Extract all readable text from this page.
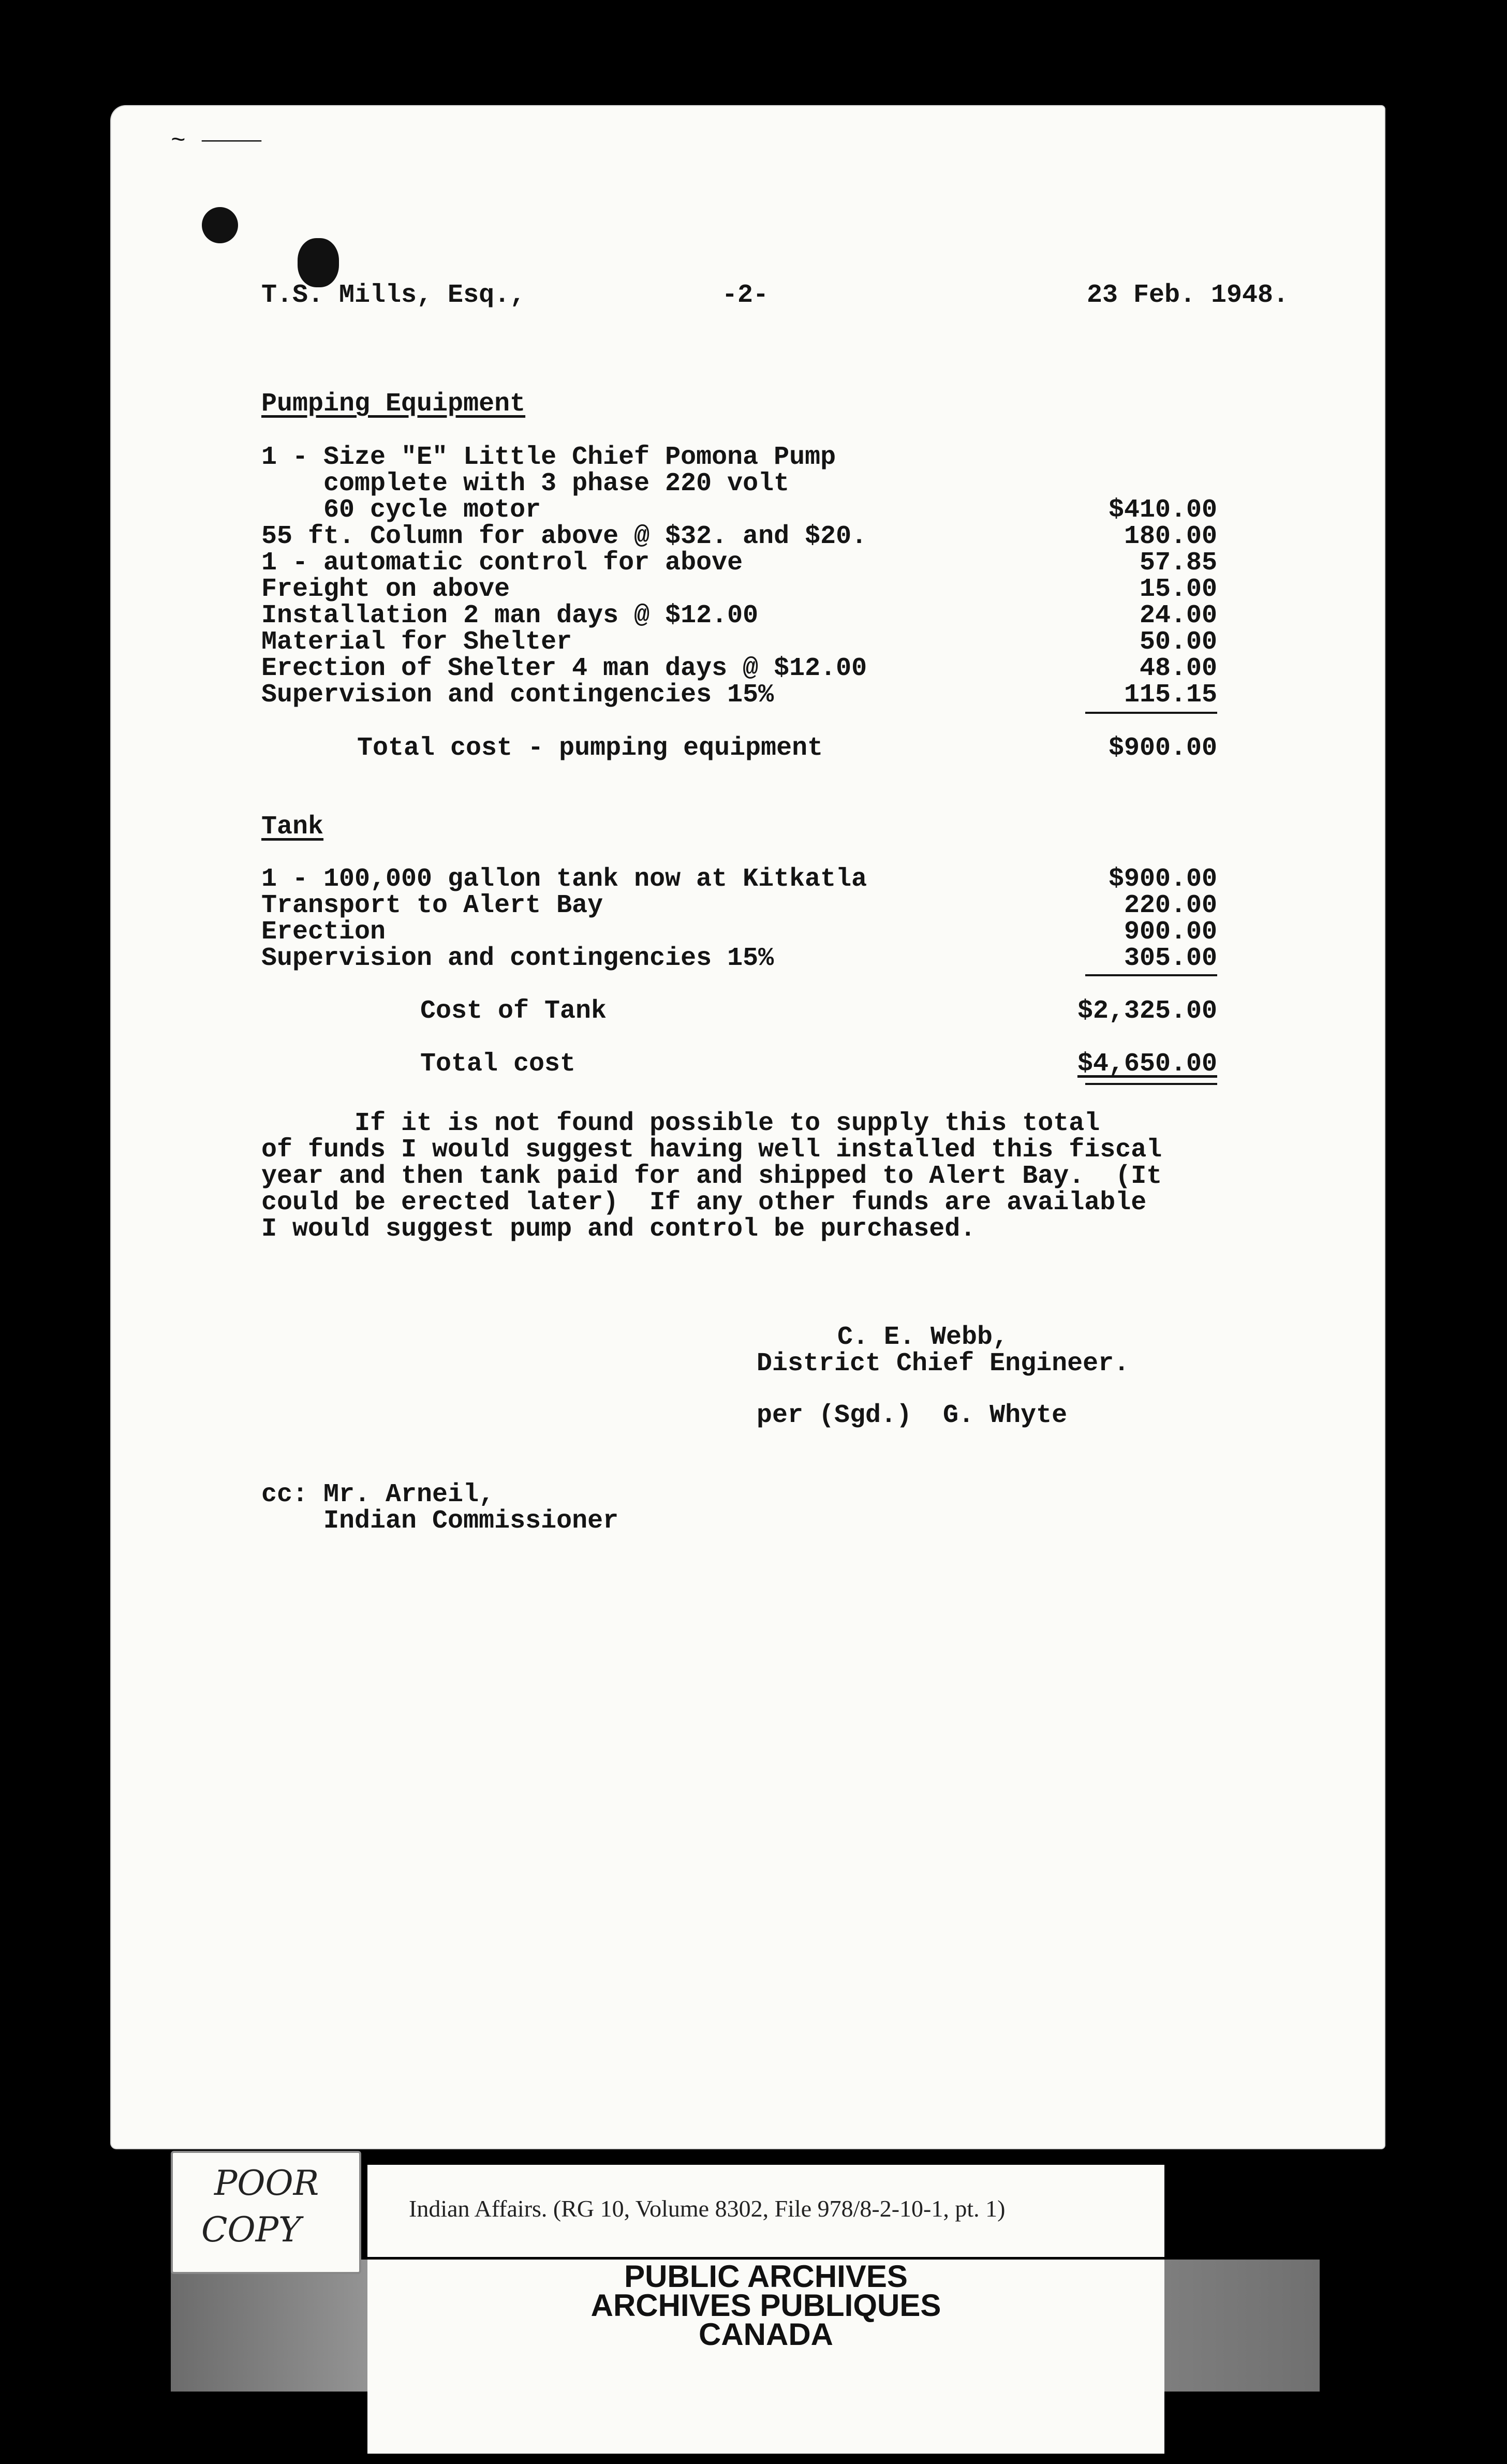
~ ⸻
T.S. Mills, Esq.,	-2-	23 Feb. 1948.
Pumping Equipment
1 - Size "E" Little Chief Pomona Pump
complete with 3 phase 220 volt
60 cycle motor	$410.00
55 ft. Column for above @ $32. and $20.	180.00
1 - automatic control for above	57.85
Freight on above	15.00
Installation 2 man days @ $12.00	24.00
Material for Shelter	50.00
Erection of Shelter 4 man days @ $12.00	48.00
Supervision and contingencies 15%	115.15
Total cost - pumping equipment	$900.00
Tank
1 - 100,000 gallon tank now at Kitkatla	$900.00
Transport to Alert Bay	220.00
Erection	900.00
Supervision and contingencies 15%	305.00
Cost of Tank	$2,325.00
Total cost	$4,650.00
If it is not found possible to supply this total
of funds I would suggest having well installed this fiscal
year and then tank paid for and shipped to Alert Bay.  (It
could be erected later)  If any other funds are available
I would suggest pump and control be purchased.
C. E. Webb,
District Chief Engineer.
per (Sgd.)  G. Whyte
cc: Mr. Arneil,
Indian Commissioner
Indian Affairs. (RG 10, Volume 8302, File 978/8-2-10-1, pt. 1)
POOR
COPY
PUBLIC ARCHIVES
ARCHIVES PUBLIQUES
CANADA
